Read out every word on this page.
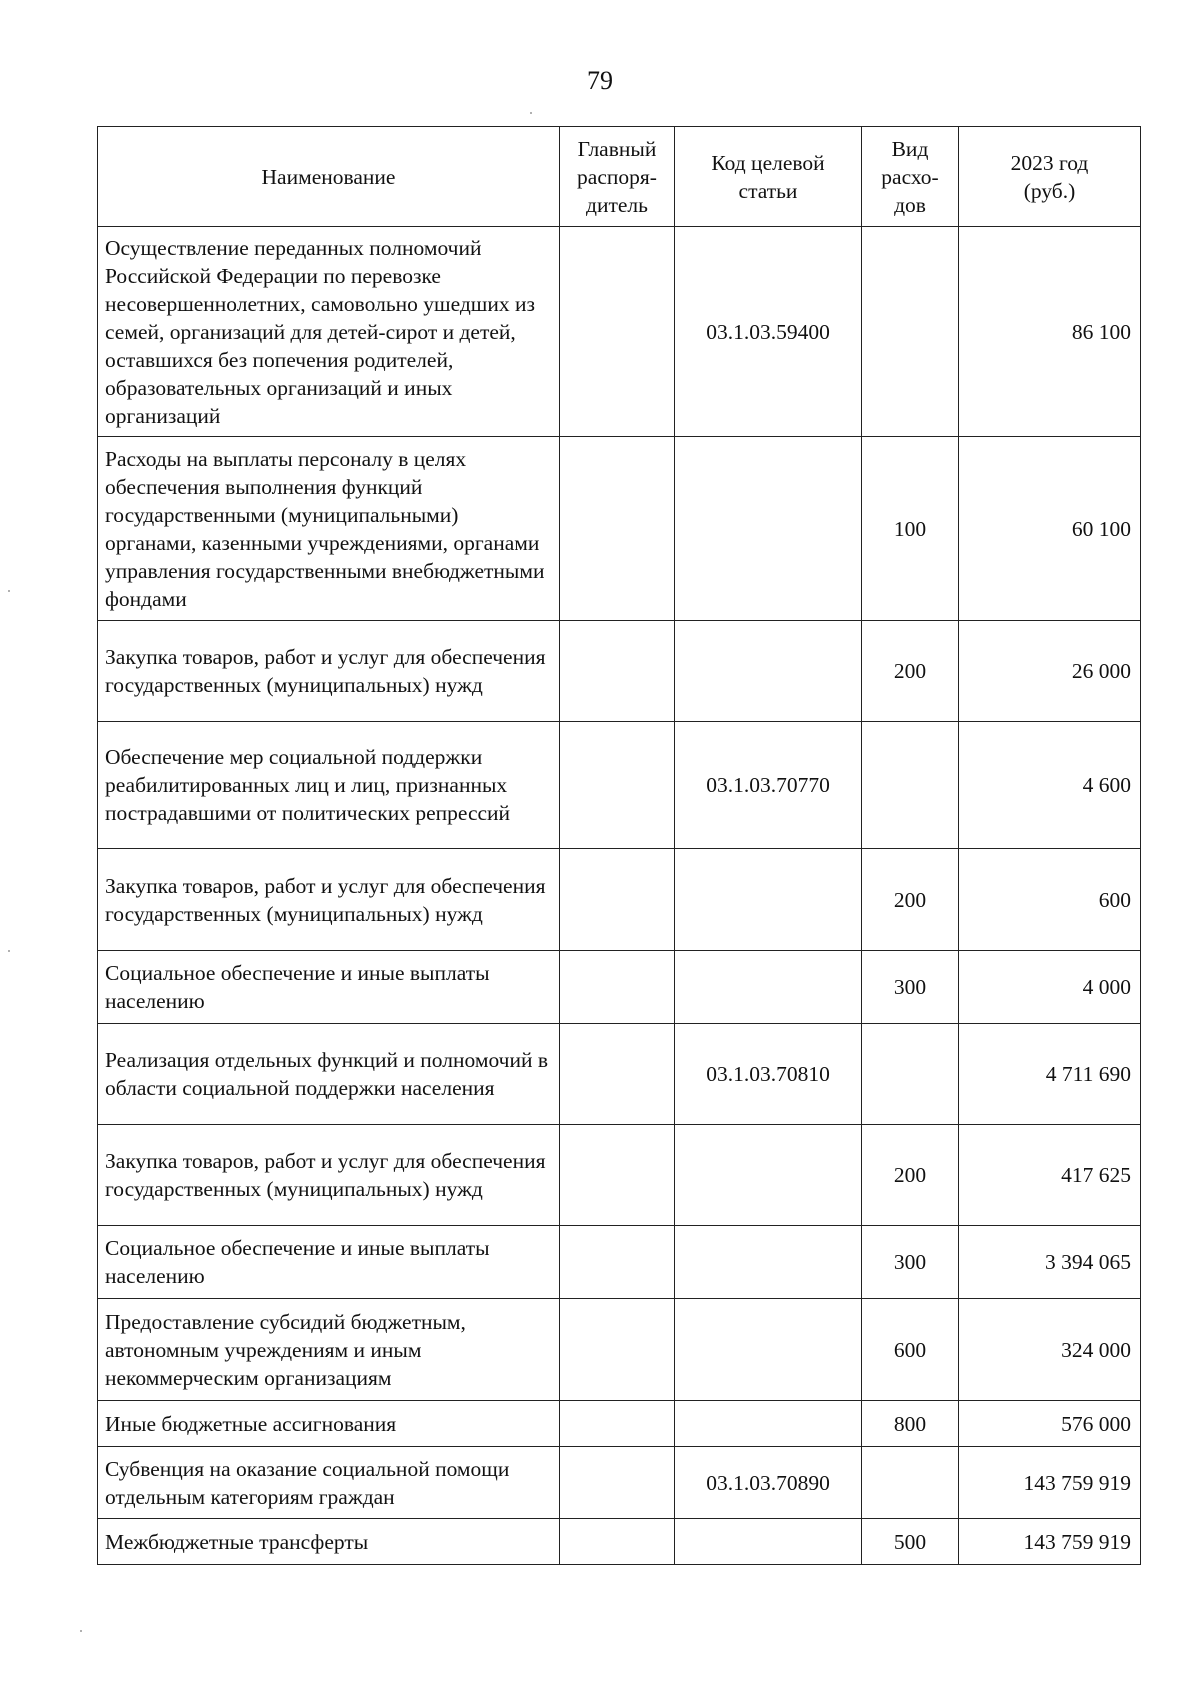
79
Наименование	Главный распоря-дитель	Код целевой статьи	Вид расхо-дов	2023 год (руб.)
Осуществление переданных полномочий Российской Федерации по перевозке несовершеннолетних, самовольно ушедших из семей, организаций для детей-сирот и детей, оставшихся без попечения родителей, образовательных организаций и иных организаций		03.1.03.59400		86 100
Расходы на выплаты персоналу в целях обеспечения выполнения функций государственными (муниципальными) органами, казенными учреждениями, органами управления государственными внебюджетными фондами			100	60 100
Закупка товаров, работ и услуг для обеспечения государственных (муниципальных) нужд			200	26 000
Обеспечение мер социальной поддержки реабилитированных лиц и лиц, признанных пострадавшими от политических репрессий		03.1.03.70770		4 600
Закупка товаров, работ и услуг для обеспечения государственных (муниципальных) нужд			200	600
Социальное обеспечение и иные выплаты населению			300	4 000
Реализация отдельных функций и полномочий в области социальной поддержки населения		03.1.03.70810		4 711 690
Закупка товаров, работ и услуг для обеспечения государственных (муниципальных) нужд			200	417 625
Социальное обеспечение и иные выплаты населению			300	3 394 065
Предоставление субсидий бюджетным, автономным учреждениям и иным некоммерческим организациям			600	324 000
Иные бюджетные ассигнования			800	576 000
Субвенция на оказание социальной помощи отдельным категориям граждан		03.1.03.70890		143 759 919
Межбюджетные трансферты			500	143 759 919
